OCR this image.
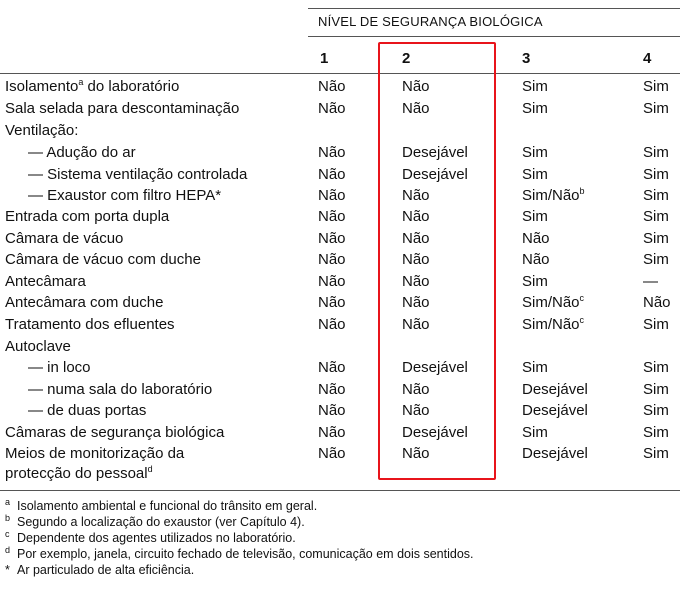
NÍVEL DE SEGURANÇA BIOLÓGICA
1	2	3	4
Isolamento$^a$ do laboratório	Não	Não	Sim	Sim
Sala selada para descontaminação	Não	Não	Sim	Sim
Ventilação:
— Adução do ar	Não	Desejável	Sim	Sim
— Sistema ventilação controlada	Não	Desejável	Sim	Sim
— Exaustor com filtro HEPA*	Não	Não	Sim/Não$^b$	Sim
Entrada com porta dupla	Não	Não	Sim	Sim
Câmara de vácuo	Não	Não	Não	Sim
Câmara de vácuo com duche	Não	Não	Não	Sim
Antecâmara	Não	Não	Sim	—
Antecâmara com duche	Não	Não	Sim/Não$^c$	Não
Tratamento dos efluentes	Não	Não	Sim/Não$^c$	Sim
Autoclave
— in loco	Não	Desejável	Sim	Sim
— numa sala do laboratório	Não	Não	Desejável	Sim
— de duas portas	Não	Não	Desejável	Sim
Câmaras de segurança biológica	Não	Desejável	Sim	Sim
Meios de monitorização da	Não	Não	Desejável	Sim
protecção do pessoal$^d$
$^a$ Isolamento ambiental e funcional do trânsito em geral.
$^b$ Segundo a localização do exaustor (ver Capítulo 4).
$^c$ Dependente dos agentes utilizados no laboratório.
$^d$ Por exemplo, janela, circuito fechado de televisão, comunicação em dois sentidos.
* Ar particulado de alta eficiência.
